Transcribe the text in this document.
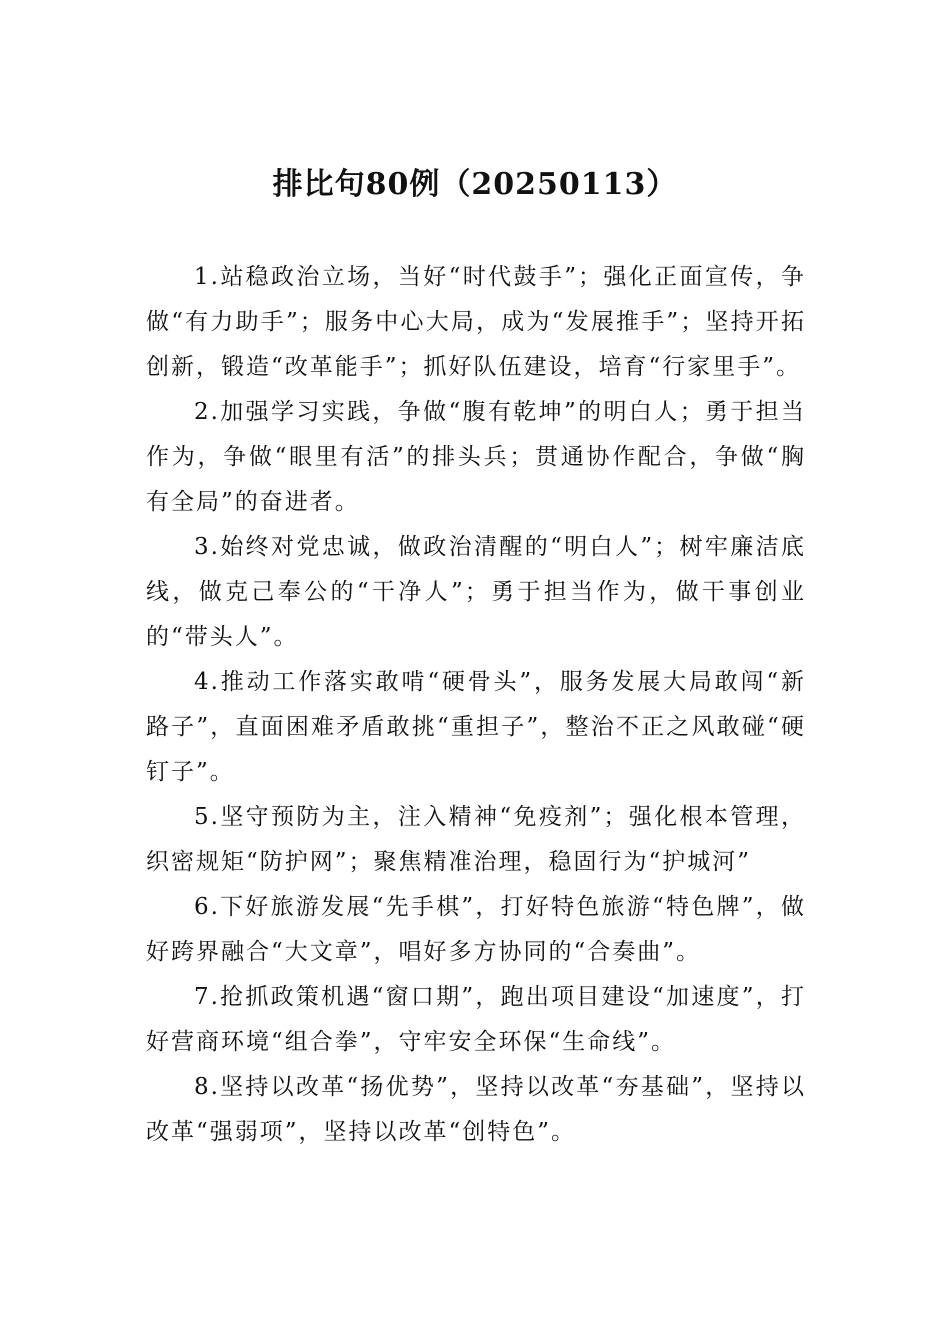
排比句80例（20250113）

1.站稳政治立场，当好“时代鼓手”；强化正面宣传，争做“有力助手”；服务中心大局，成为“发展推手”；坚持开拓创新，锻造“改革能手”；抓好队伍建设，培育“行家里手”。

2.加强学习实践，争做“腹有乾坤”的明白人；勇于担当作为，争做“眼里有活”的排头兵；贯通协作配合，争做“胸有全局”的奋进者。

3.始终对党忠诚，做政治清醒的“明白人”；树牢廉洁底线，做克己奉公的“干净人”；勇于担当作为，做干事创业的“带头人”。

4.推动工作落实敢啃“硬骨头”，服务发展大局敢闯“新路子”，直面困难矛盾敢挑“重担子”，整治不正之风敢碰“硬钉子”。

5.坚守预防为主，注入精神“免疫剂”；强化根本管理，织密规矩“防护网”；聚焦精准治理，稳固行为“护城河”

6.下好旅游发展“先手棋”，打好特色旅游“特色牌”，做好跨界融合“大文章”，唱好多方协同的“合奏曲”。

7.抢抓政策机遇“窗口期”，跑出项目建设“加速度”，打好营商环境“组合拳”，守牢安全环保“生命线”。

8.坚持以改革“扬优势”，坚持以改革“夯基础”，坚持以改革“强弱项”，坚持以改革“创特色”。
